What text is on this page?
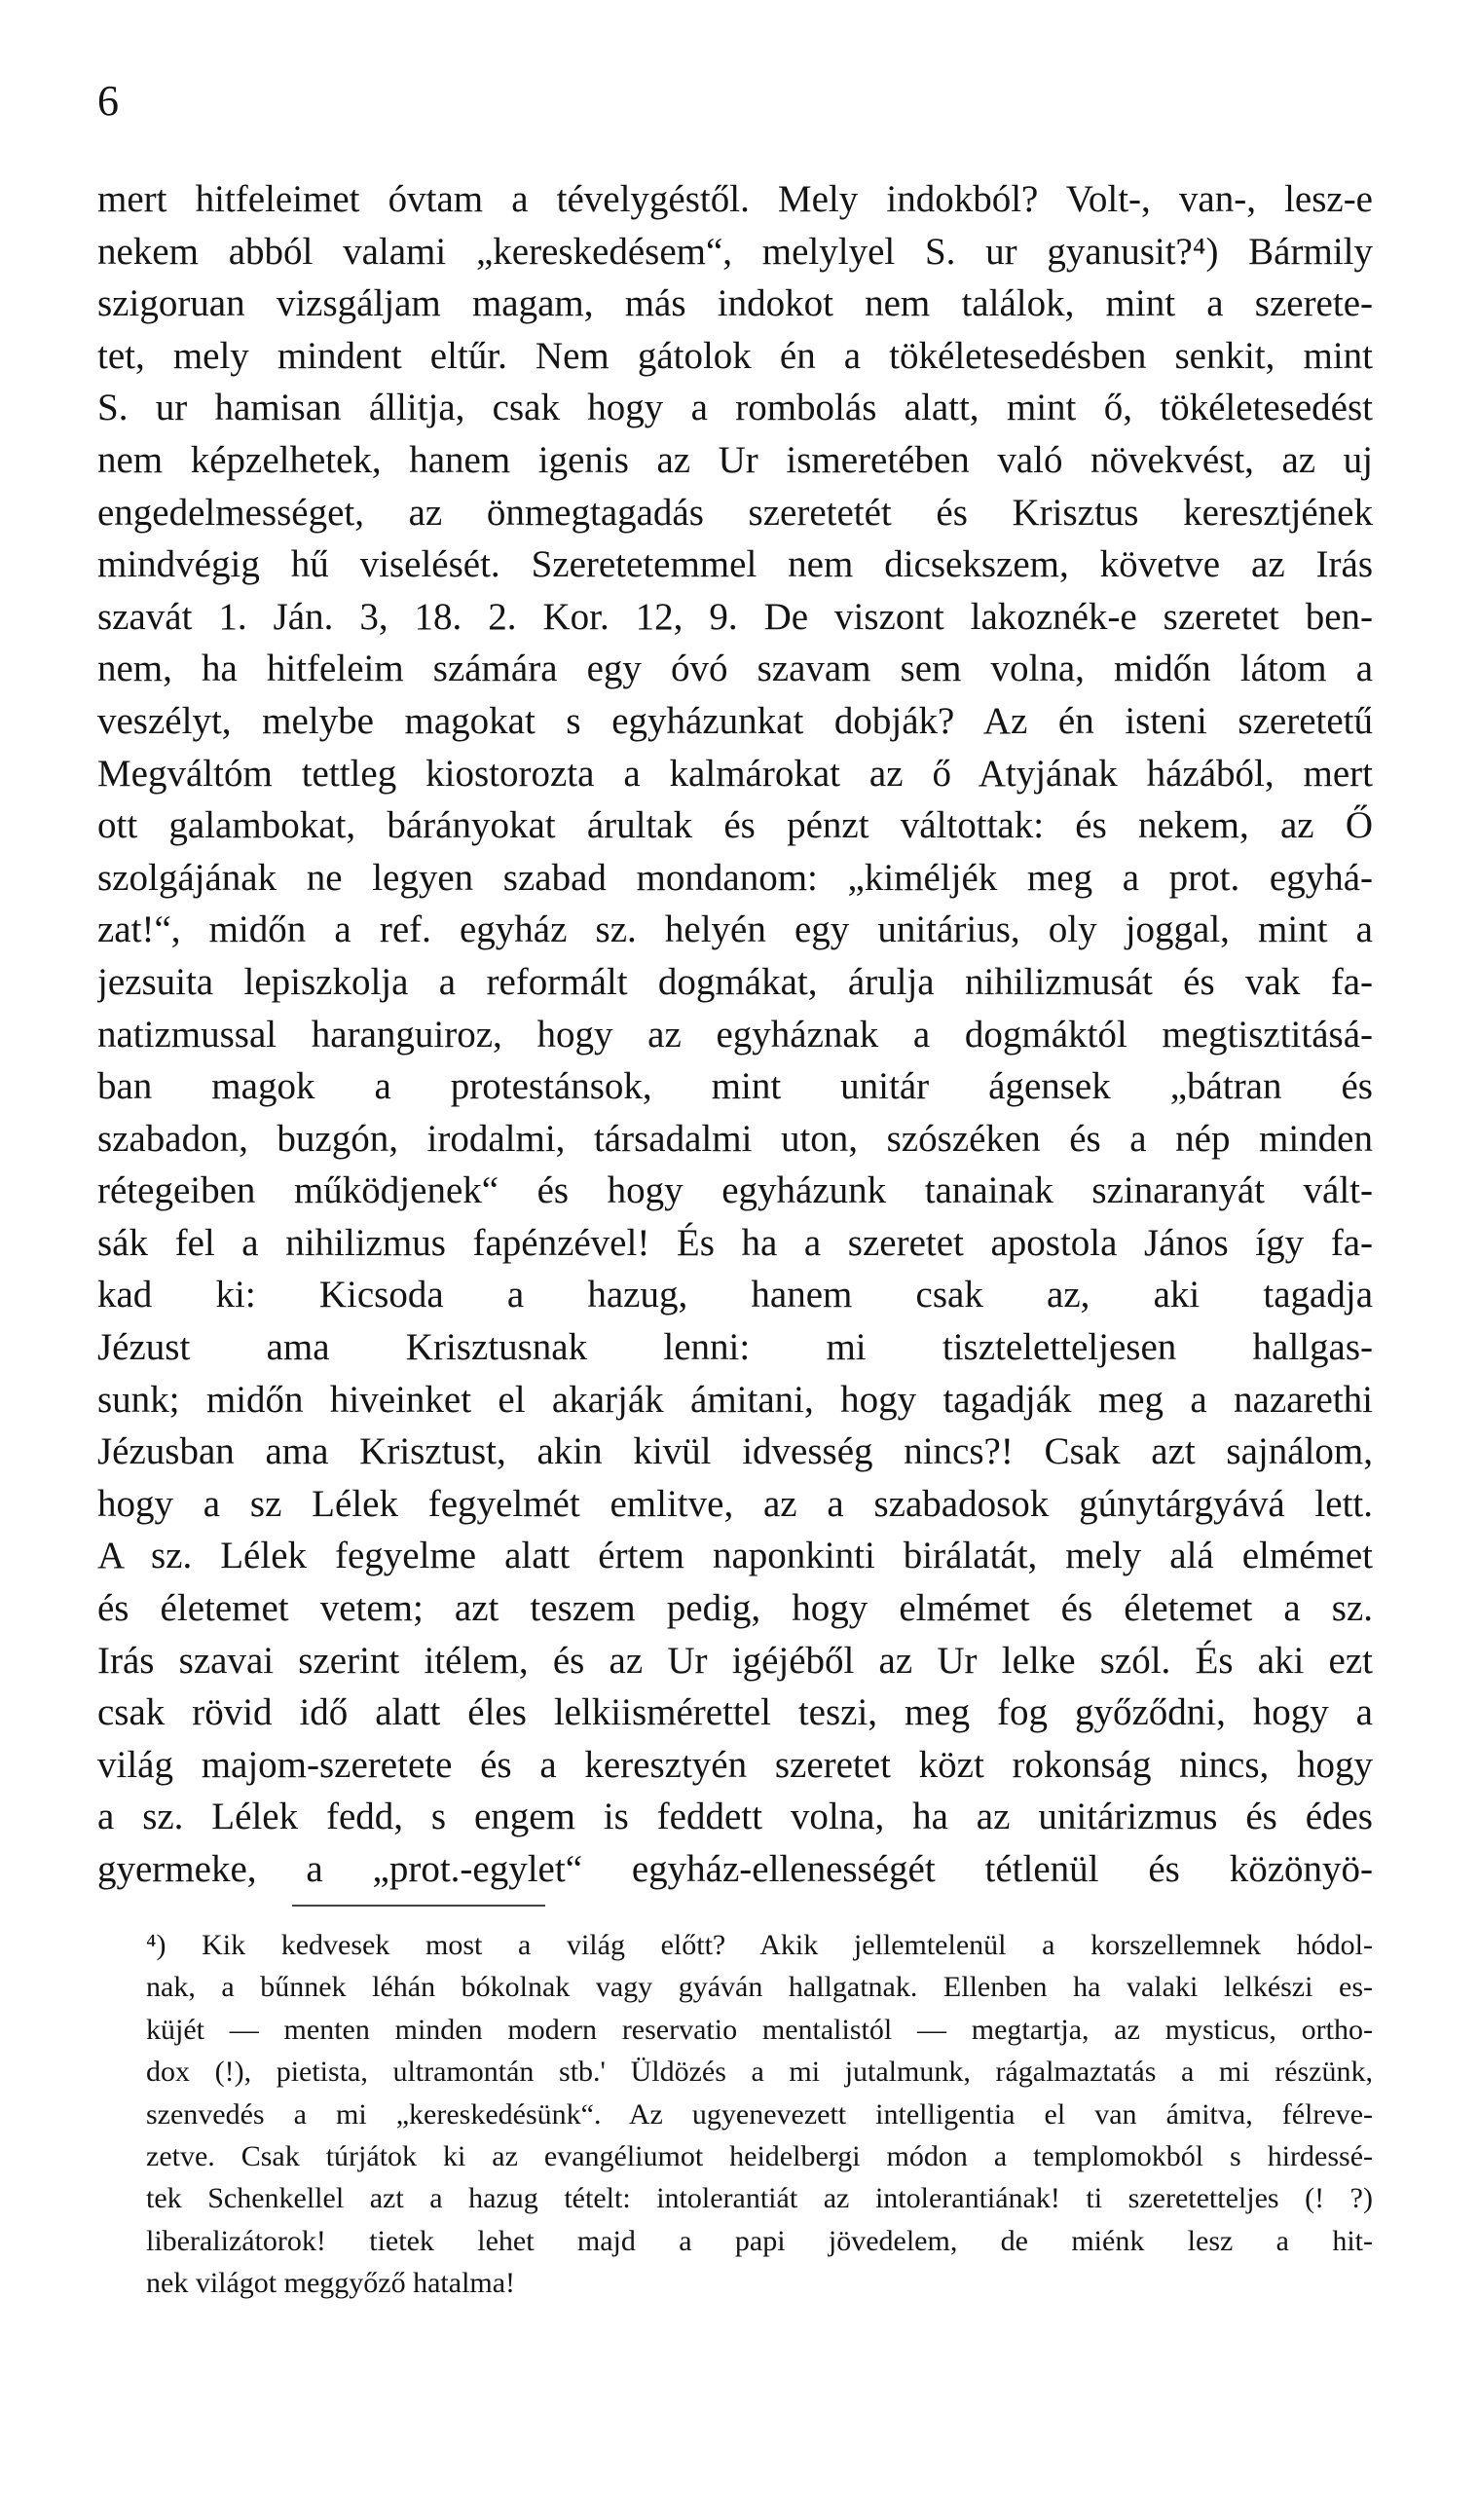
6
mert hitfeleimet óvtam a tévelygéstől. Mely indokból? Volt-, van-, lesz-e
nekem abból valami „kereskedésem“, melylyel S. ur gyanusit?⁴) Bármily
szigoruan vizsgáljam magam, más indokot nem találok, mint a szerete-
tet, mely mindent eltűr. Nem gátolok én a tökéletesedésben senkit, mint
S. ur hamisan állitja, csak hogy a rombolás alatt, mint ő, tökéletesedést
nem képzelhetek, hanem igenis az Ur ismeretében való növekvést, az uj
engedelmességet, az önmegtagadás szeretetét és Krisztus keresztjének
mindvégig hű viselését. Szeretetemmel nem dicsekszem, követve az Irás
szavát 1. Ján. 3, 18. 2. Kor. 12, 9. De viszont lakoznék-e szeretet ben-
nem, ha hitfeleim számára egy óvó szavam sem volna, midőn látom a
veszélyt, melybe magokat s egyházunkat dobják? Az én isteni szeretetű
Megváltóm tettleg kiostorozta a kalmárokat az ő Atyjának házából, mert
ott galambokat, bárányokat árultak és pénzt váltottak: és nekem, az Ő
szolgájának ne legyen szabad mondanom: „kiméljék meg a prot. egyhá-
zat!“, midőn a ref. egyház sz. helyén egy unitárius, oly joggal, mint a
jezsuita lepiszkolja a reformált dogmákat, árulja nihilizmusát és vak fa-
natizmussal haranguiroz, hogy az egyháznak a dogmáktól megtisztitásá-
ban magok a protestánsok, mint unitár ágensek „bátran és
szabadon, buzgón, irodalmi, társadalmi uton, szószéken és a nép minden
rétegeiben működjenek“ és hogy egyházunk tanainak szinaranyát vált-
sák fel a nihilizmus fapénzével! És ha a szeretet apostola János így fa-
kad ki: Kicsoda a hazug, hanem csak az, aki tagadja
Jézust ama Krisztusnak lenni: mi tiszteletteljesen hallgas-
sunk; midőn hiveinket el akarják ámitani, hogy tagadják meg a nazarethi
Jézusban ama Krisztust, akin kivül idvesség nincs?! Csak azt sajnálom,
hogy a sz Lélek fegyelmét emlitve, az a szabadosok gúnytárgyává lett.
A sz. Lélek fegyelme alatt értem naponkinti birálatát, mely alá elmémet
és életemet vetem; azt teszem pedig, hogy elmémet és életemet a sz.
Irás szavai szerint itélem, és az Ur igéjéből az Ur lelke szól. És aki ezt
csak rövid idő alatt éles lelkiismérettel teszi, meg fog győződni, hogy a
világ majom-szeretete és a keresztyén szeretet közt rokonság nincs, hogy
a sz. Lélek fedd, s engem is feddett volna, ha az unitárizmus és édes
gyermeke, a „prot.-egylet“ egyház-ellenességét tétlenül és közönyö-
⁴) Kik kedvesek most a világ előtt? Akik jellemtelenül a korszellemnek hódol-
nak, a bűnnek léhán bókolnak vagy gyáván hallgatnak. Ellenben ha valaki lelkészi es-
küjét — menten minden modern reservatio mentalistól — megtartja, az mysticus, ortho-
dox (!), pietista, ultramontán stb.' Üldözés a mi jutalmunk, rágalmaztatás a mi részünk,
szenvedés a mi „kereskedésünk“. Az ugyenevezett intelligentia el van ámitva, félreve-
zetve. Csak túrjátok ki az evangéliumot heidelbergi módon a templomokból s hirdessé-
tek Schenkellel azt a hazug tételt: intolerantiát az intolerantiának! ti szeretetteljes (! ?)
liberalizátorok! tietek lehet majd a papi jövedelem, de miénk lesz a hit-
nek világot meggyőző hatalma!
